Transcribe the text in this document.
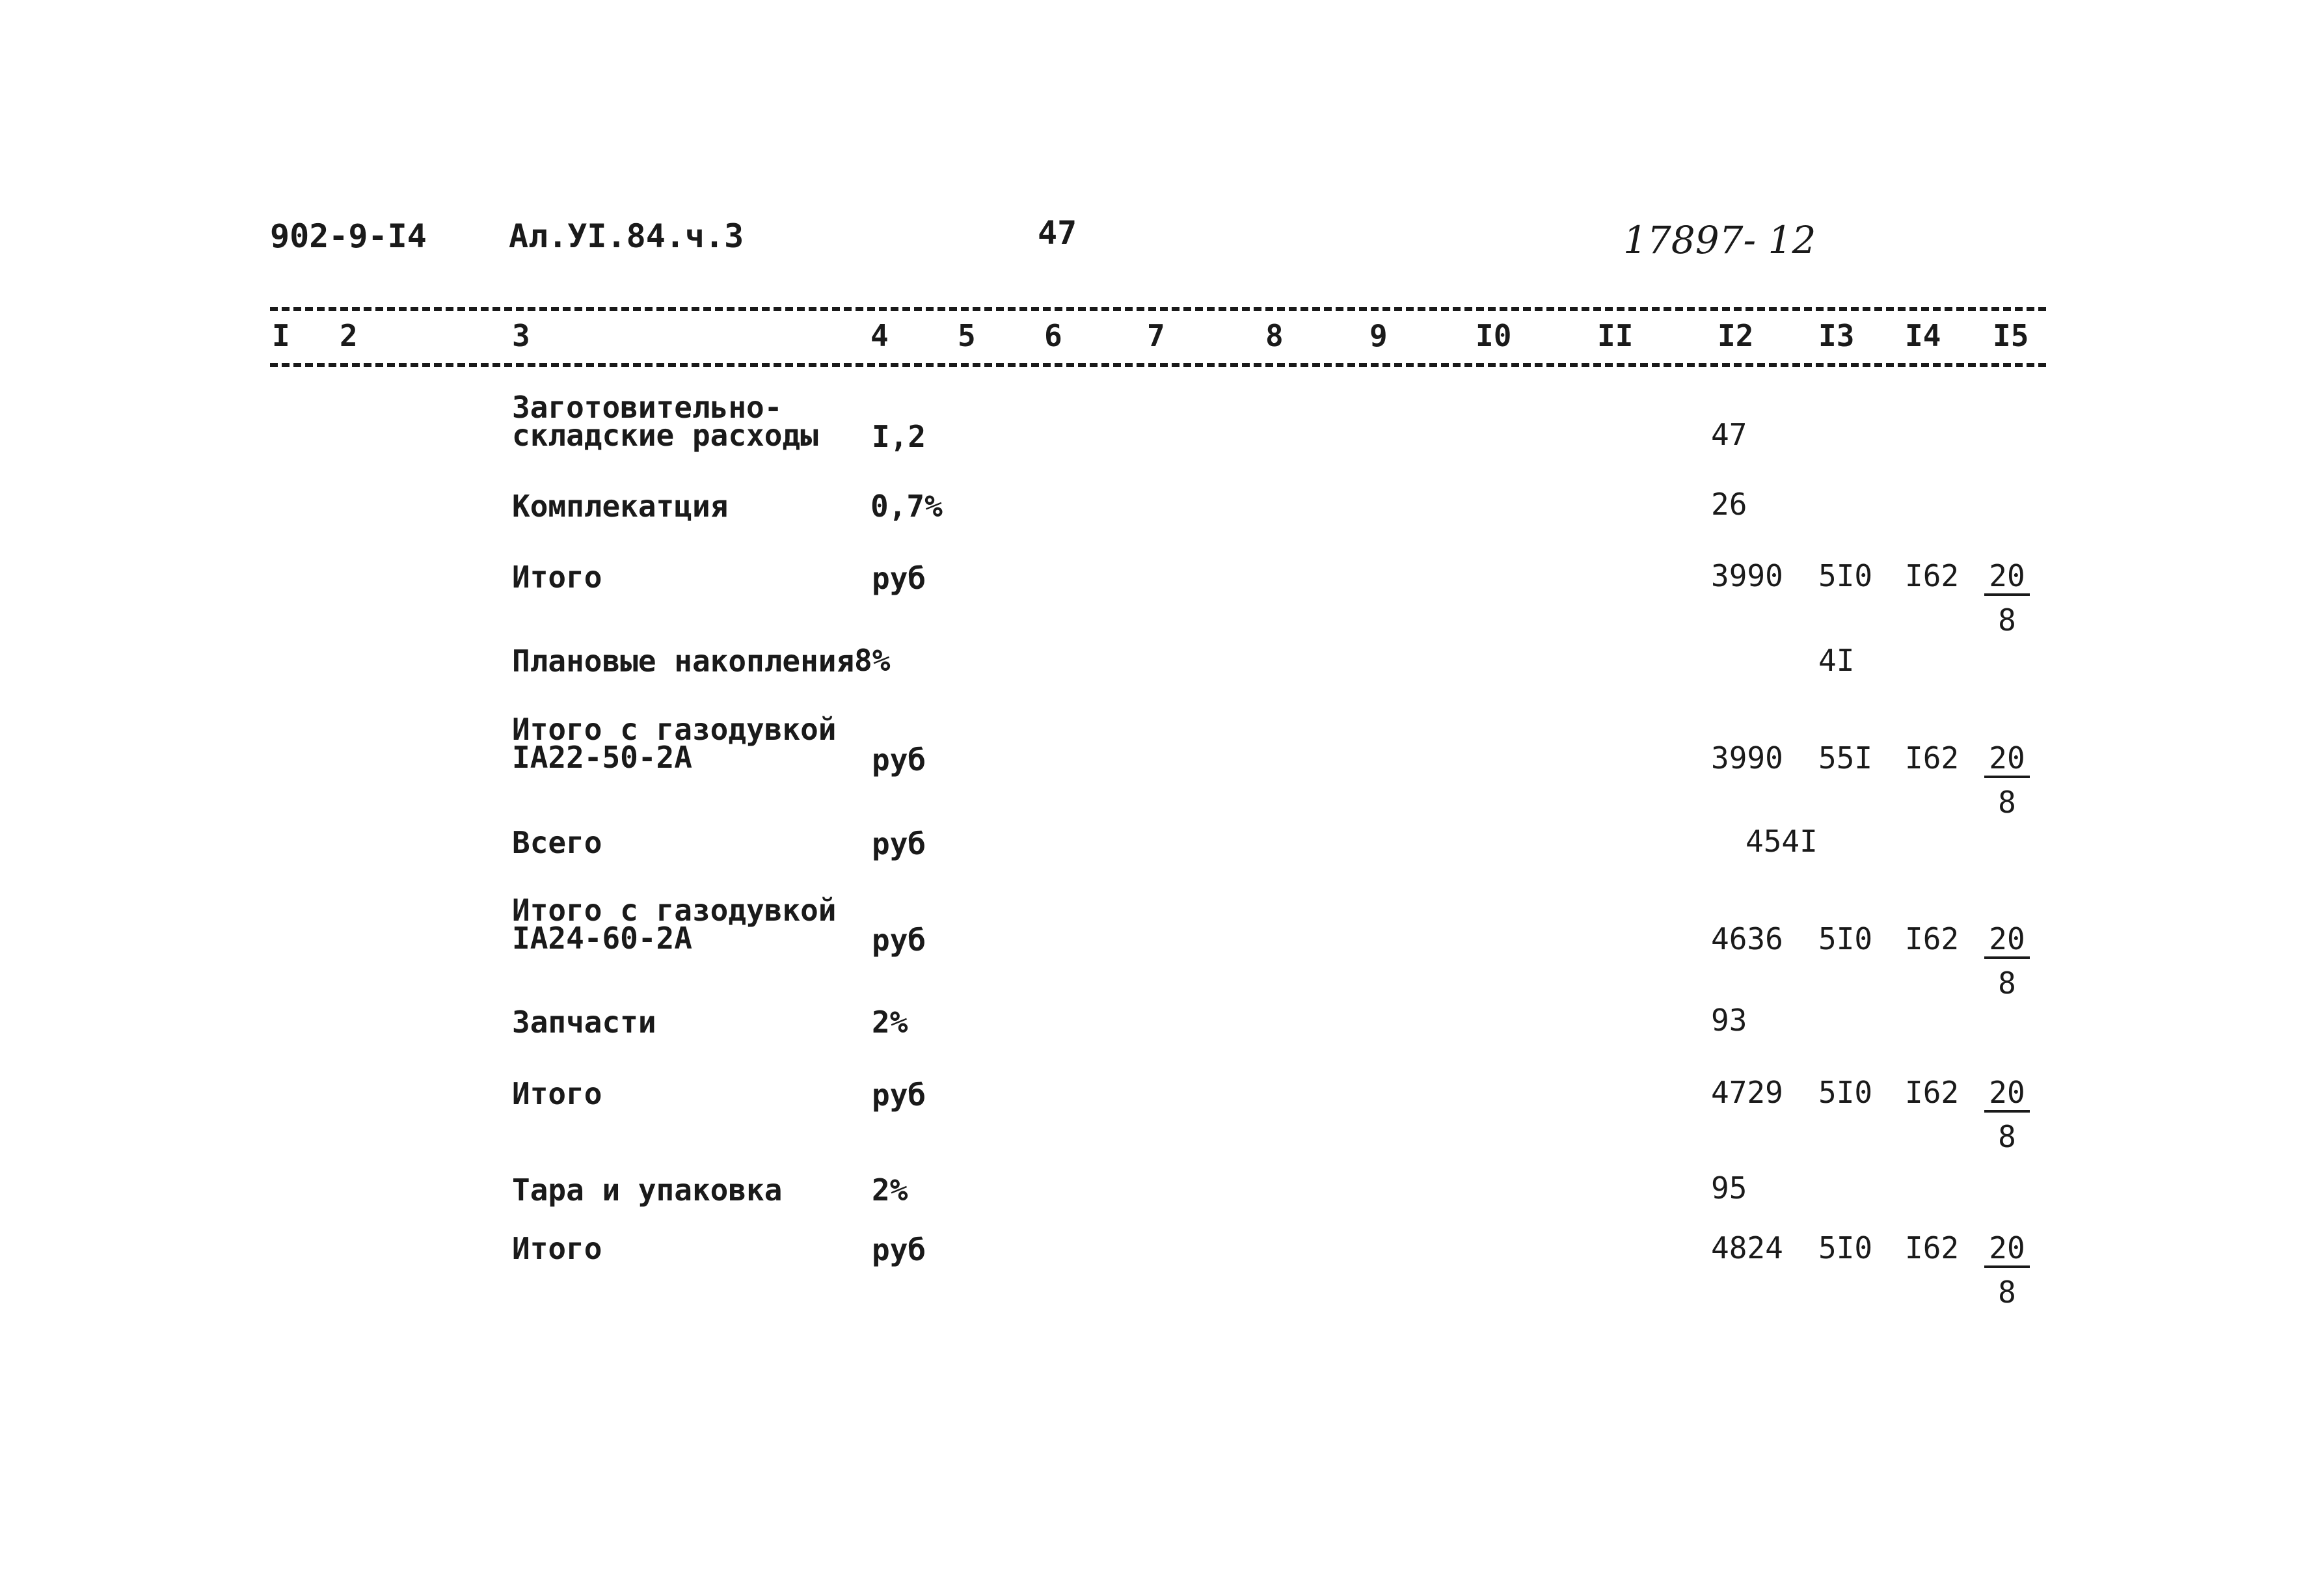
902-9-I4	Ал.УI.84.ч.3	47	17897- 12
I 2	3	4 5 6	7	8	9	I0	II	I2 I3 I4 I5
Заготовительно-
складские расходы	I,2	47
Комплекатция	0,7%	26
Итого	руб	3990 5I0 $I62 \frac{20}{8}$
Плановые накопления 8%	4I
Итого с газодувкой
IA22-50-2A	руб	3990 55I $I62 \frac{20}{8}$
Всего	руб	454I
Итого с газодувкой
IA24-60-2A	руб	4636 5I0 $I62 \frac{20}{8}$
Запчасти	2%	93
Итого	руб	4729 5I0 $I62 \frac{20}{8}$
Тара и упаковка	2%	95
Итого	руб	4824 5I0 $I62 \frac{20}{8}$
